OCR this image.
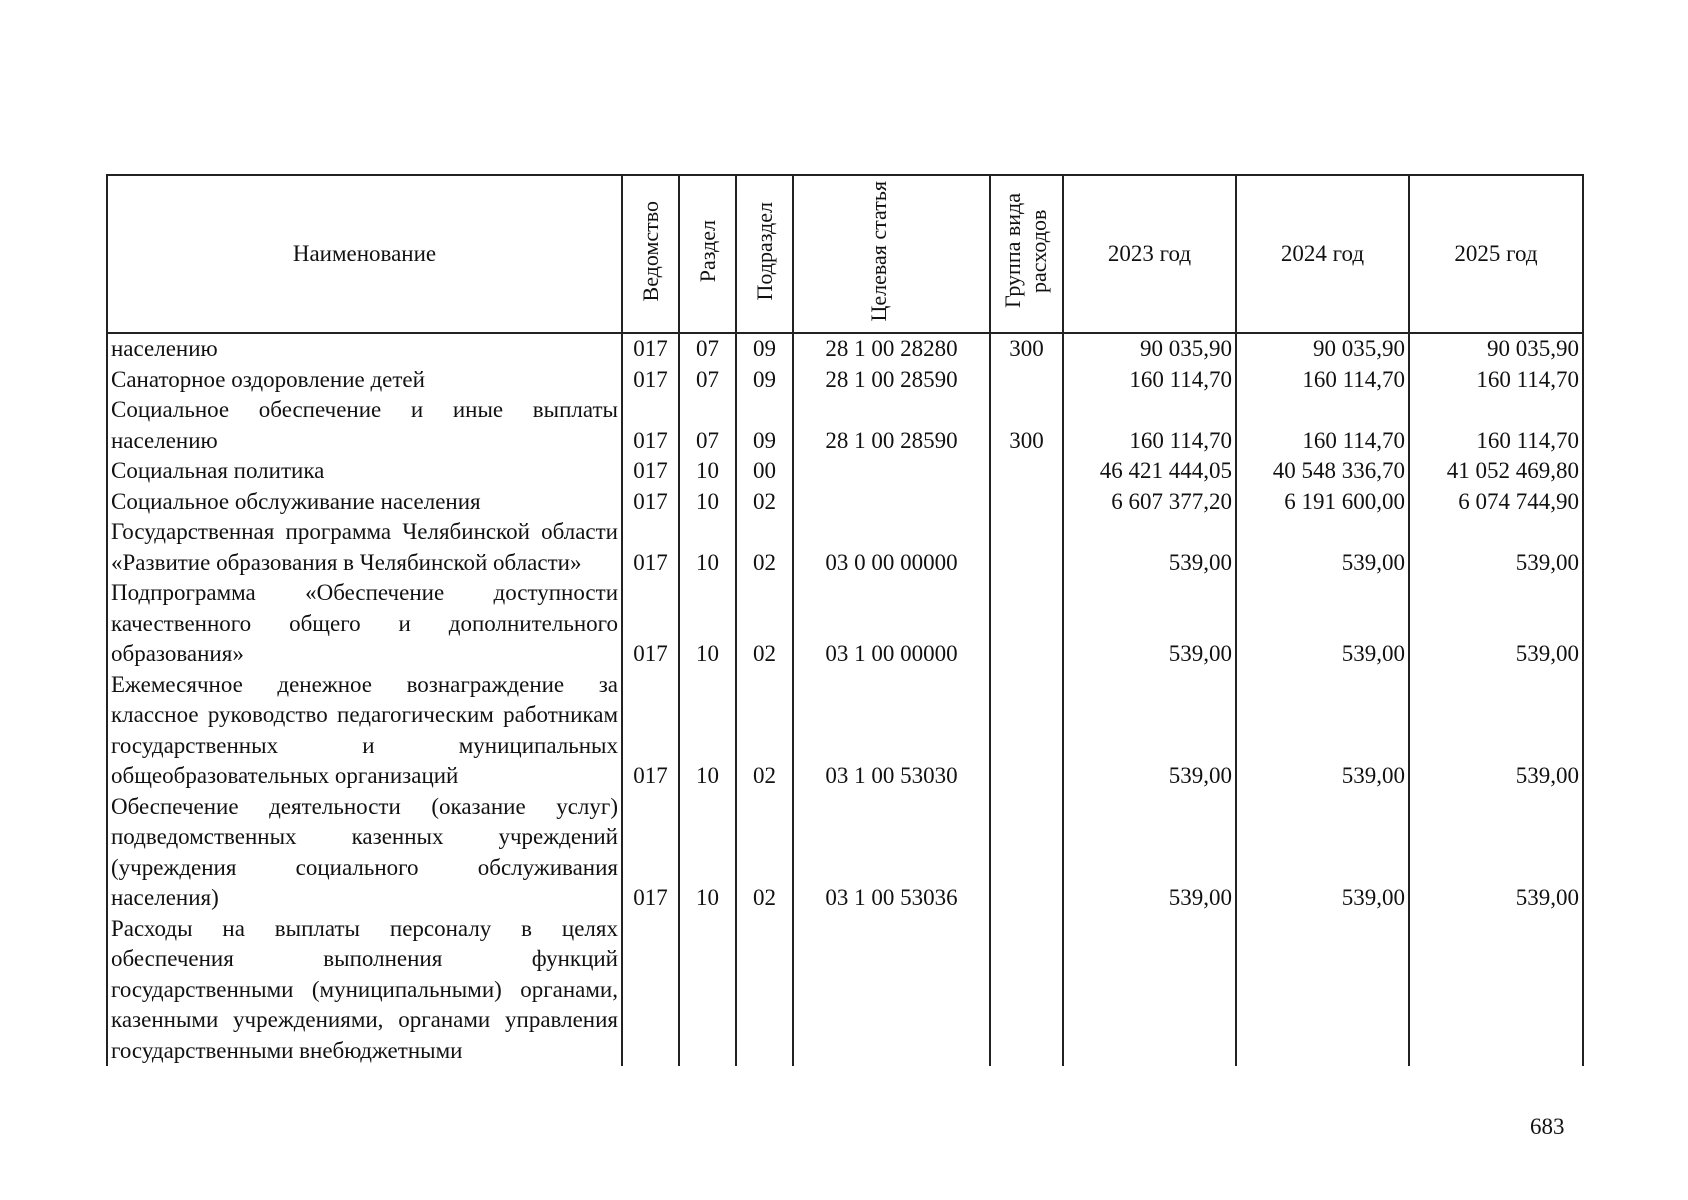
Наименование	Ведомство	Раздел	Подраздел	Целевая статья	Группа вида расходов	2023 год	2024 год	2025 год
населению	017	07	09	28 1 00 28280	300	90 035,90	90 035,90	90 035,90
Санаторное оздоровление детей	017	07	09	28 1 00 28590		160 114,70	160 114,70	160 114,70
Социальное обеспечение и иные выплаты населению	017	07	09	28 1 00 28590	300	160 114,70	160 114,70	160 114,70
Социальная политика	017	10	00			46 421 444,05	40 548 336,70	41 052 469,80
Социальное обслуживание населения	017	10	02			6 607 377,20	6 191 600,00	6 074 744,90
Государственная программа Челябинской области «Развитие образования в Челябинской области»	017	10	02	03 0 00 00000		539,00	539,00	539,00
Подпрограмма «Обеспечение доступности качественного общего и дополнительного образования»	017	10	02	03 1 00 00000		539,00	539,00	539,00
Ежемесячное денежное вознаграждение за классное руководство педагогическим работникам государственных и муниципальных общеобразовательных организаций	017	10	02	03 1 00 53030		539,00	539,00	539,00
Обеспечение деятельности (оказание услуг) подведомственных казенных учреждений (учреждения социального обслуживания населения)	017	10	02	03 1 00 53036		539,00	539,00	539,00
Расходы на выплаты персоналу в целях обеспечения выполнения функций государственными (муниципальными) органами, казенными учреждениями, органами управления государственными внебюджетными								
683
